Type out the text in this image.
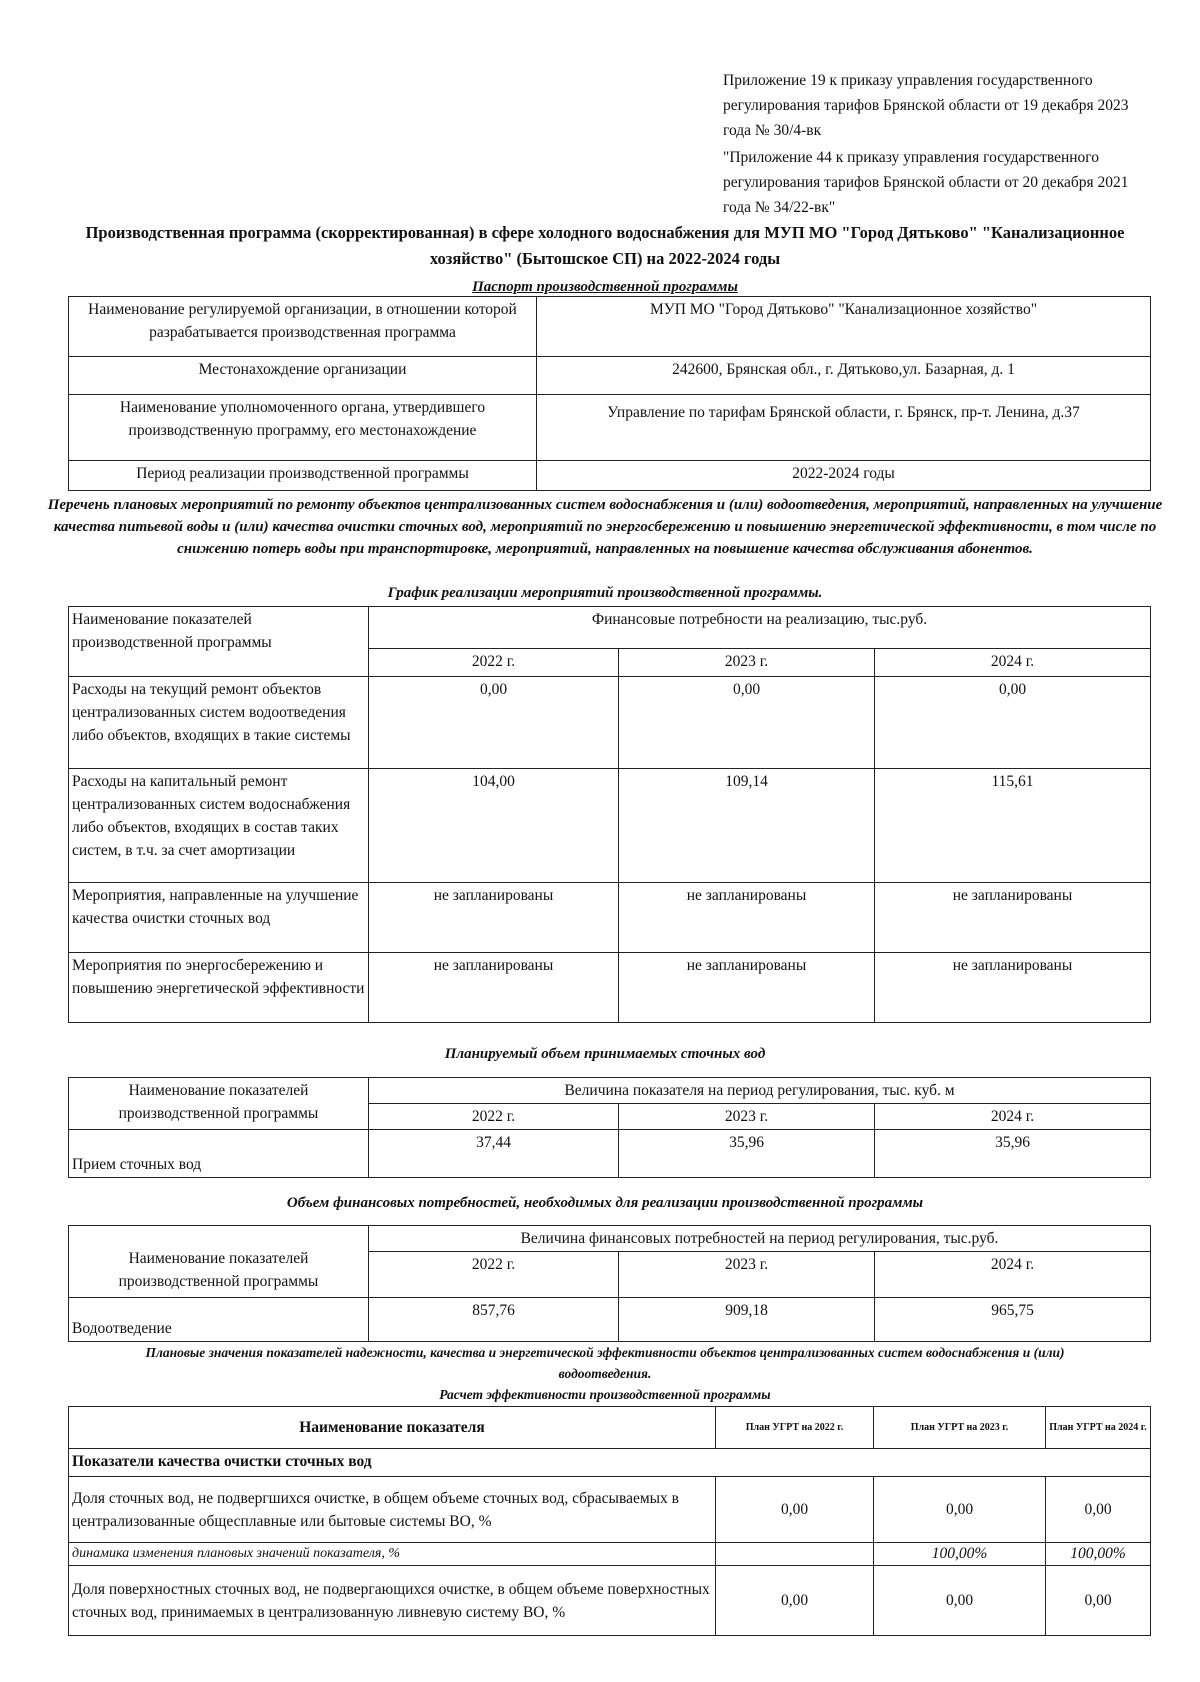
Приложение 19 к приказу управления государственного регулирования тарифов Брянской области от 19 декабря 2023 года № 30/4-вк
"Приложение 44 к приказу управления государственного регулирования тарифов Брянской области от 20 декабря 2021 года № 34/22-вк"
Производственная программа (скорректированная) в сфере холодного водоснабжения для МУП МО "Город Дятьково" "Канализационное хозяйство" (Бытошское СП) на 2022-2024 годы
Паспорт производственной программы
Наименование регулируемой организации, в отношении которой разрабатывается производственная программа	МУП МО "Город Дятьково" "Канализационное хозяйство"
Местонахождение организации	242600, Брянская обл., г. Дятьково,ул. Базарная, д. 1
Наименование уполномоченного органа, утвердившего производственную программу, его местонахождение	Управление по тарифам Брянской области, г. Брянск, пр-т. Ленина, д.37
Период реализации производственной программы	2022-2024 годы
Перечень плановых мероприятий по ремонту объектов централизованных систем водоснабжения и (или) водоотведения, мероприятий, направленных на улучшение качества питьевой воды и (или) качества очистки сточных вод, мероприятий по энергосбережению и повышению энергетической эффективности, в том числе по снижению потерь воды при транспортировке, мероприятий, направленных на повышение качества обслуживания абонентов.
График реализации мероприятий производственной программы.
Наименование показателей производственной программы	Финансовые потребности на реализацию, тыс.руб.		
	2022 г.	2023 г.	2024 г.
Расходы на текущий ремонт объектов централизованных систем водоотведения либо объектов, входящих в такие системы	0,00	0,00	0,00
Расходы на капитальный ремонт централизованных систем водоснабжения либо объектов, входящих в состав таких систем, в т.ч. за счет амортизации	104,00	109,14	115,61
Мероприятия, направленные на улучшение качества очистки сточных вод	не запланированы	не запланированы	не запланированы
Мероприятия по энергосбережению и повышению энергетической эффективности	не запланированы	не запланированы	не запланированы
Планируемый объем принимаемых сточных вод
Наименование показателей производственной программы	Величина показателя на период регулирования, тыс. куб. м		
	2022 г.	2023 г.	2024 г.
Прием сточных вод	37,44	35,96	35,96
Объем финансовых потребностей, необходимых для реализации производственной программы
Наименование показателей производственной программы	Величина финансовых потребностей на период регулирования, тыс.руб.		
	2022 г.	2023 г.	2024 г.
Водоотведение	857,76	909,18	965,75
Плановые значения показателей надежности, качества и энергетической эффективности объектов централизованных систем водоснабжения и (или) водоотведения.
Расчет эффективности производственной программы
Наименование показателя	План УГРТ на 2022 г.	План УГРТ на 2023 г.	План УГРТ на 2024 г.
Показатели качества очистки сточных вод			
Доля сточных вод, не подвергшихся очистке, в общем объеме сточных вод, сбрасываемых в централизованные общесплавные или бытовые системы ВО, %	0,00	0,00	0,00
динамика изменения плановых значений показателя, %		100,00%	100,00%
Доля поверхностных сточных вод, не подвергающихся очистке, в общем объеме поверхностных сточных вод, принимаемых в централизованную ливневую систему ВО, %	0,00	0,00	0,00
